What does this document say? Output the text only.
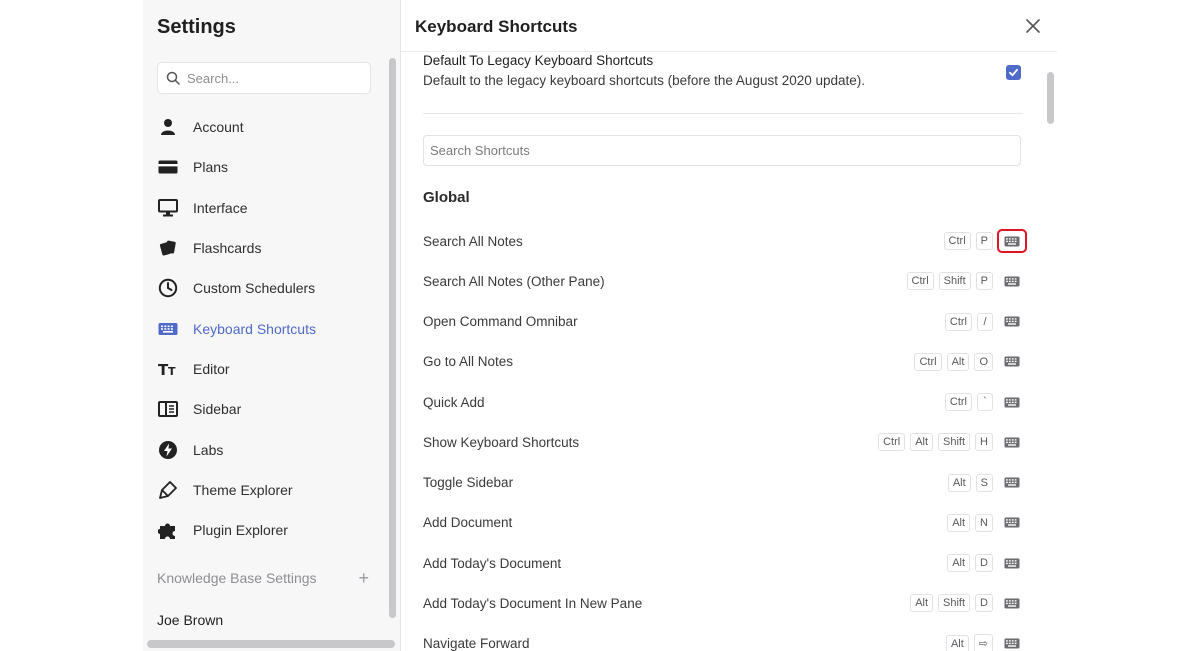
Settings
Search...
Account
Plans
Interface
Flashcards
Custom Schedulers
Keyboard Shortcuts
T T Editor
Sidebar
Labs
Theme Explorer
Plugin Explorer
Knowledge Base Settings +
Joe Brown
Keyboard Shortcuts
Default To Legacy Keyboard Shortcuts
Default to the legacy keyboard shortcuts (before the August 2020 update).
Search Shortcuts
Global
Search All Notes	Ctrl	P
Search All Notes (Other Pane)	Ctrl	Shift	P
Open Command Omnibar	Ctrl	/
Go to All Notes	Ctrl	Alt	O
Quick Add	Ctrl	`
Show Keyboard Shortcuts	Ctrl	Alt	Shift	H
Toggle Sidebar	Alt	S
Add Document	Alt	N
Add Today's Document	Alt	D
Add Today's Document In New Pane	Alt	Shift	D
Navigate Forward	Alt	⇨
